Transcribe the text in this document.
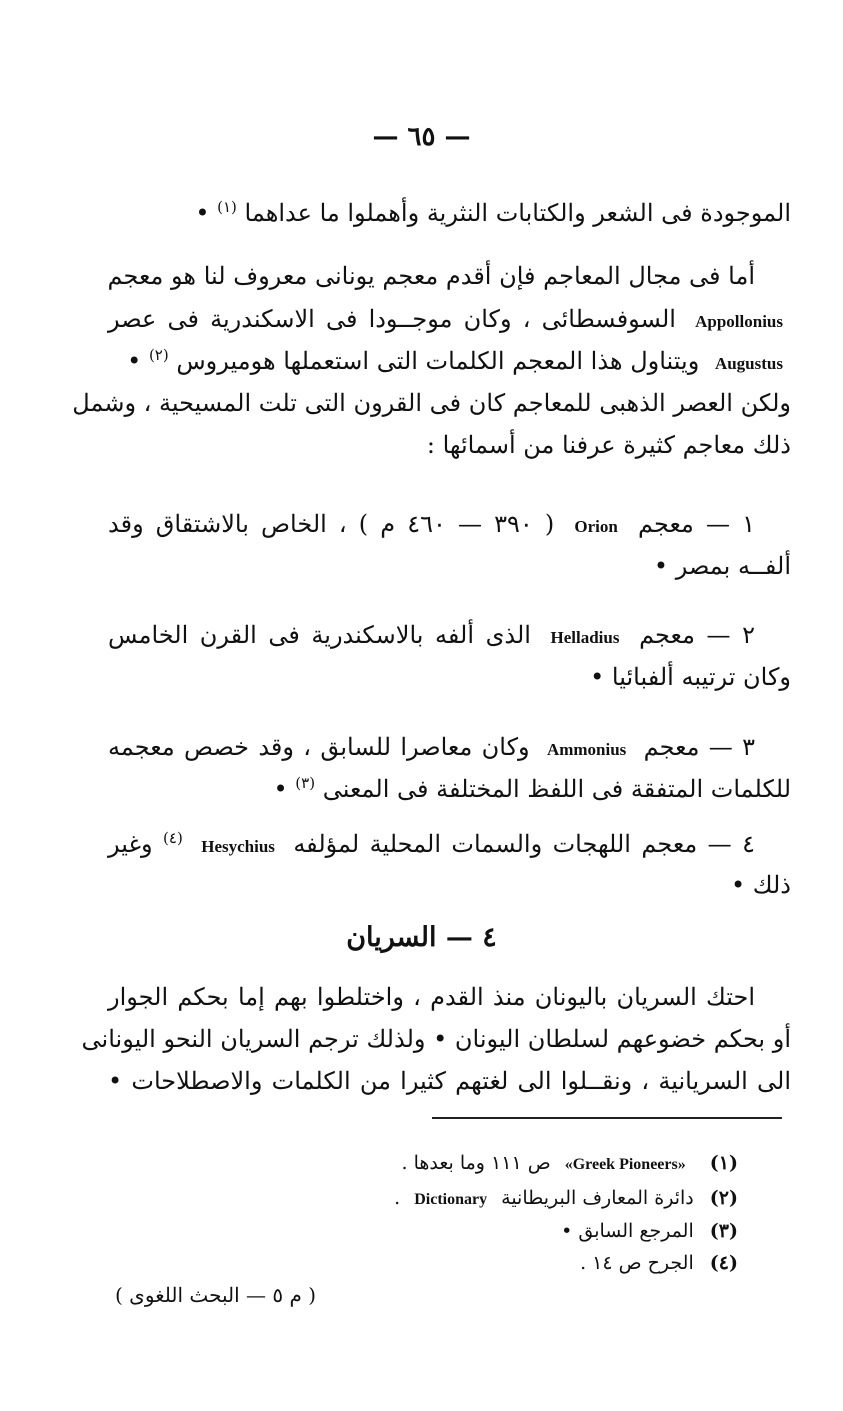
— ٦٥ —
الموجودة فى الشعر والكتابات النثرية وأهملوا ما عداهما $^{(١)}$ •
أما فى مجال المعاجم فإن أقدم معجم يونانى معروف لنا هو معجم
Appollonius السوفسطائى ، وكان موجــودا فى الاسكندرية فى عصر
Augustus ويتناول هذا المعجم الكلمات التى استعملها هوميروس $^{(٢)}$ •
ولكن العصر الذهبى للمعاجم كان فى القرون التى تلت المسيحية ، وشمل
ذلك معاجم كثيرة عرفنا من أسمائها :
١ — معجم Orion ( ٣٩٠ — ٤٦٠ م ) ، الخاص بالاشتقاق وقد
ألفــه بمصر •
٢ — معجم Helladius الذى ألفه بالاسكندرية فى القرن الخامس
وكان ترتيبه ألفبائيا •
٣ — معجم Ammonius وكان معاصرا للسابق ، وقد خصص معجمه
للكلمات المتفقة فى اللفظ المختلفة فى المعنى $^{(٣)}$ •
٤ — معجم اللهجات والسمات المحلية لمؤلفه Hesychius $^{(٤)}$ وغير
ذلك •
٤ — السريان
احتك السريان باليونان منذ القدم ، واختلطوا بهم إما بحكم الجوار
أو بحكم خضوعهم لسلطان اليونان • ولذلك ترجم السريان النحو اليونانى
الى السريانية ، ونقــلوا الى لغتهم كثيرا من الكلمات والاصطلاحات •
(١) «Greek Pioneers» ص ١١١ وما بعدها .
(٢) دائرة المعارف البريطانية Dictionary .
(٣) المرجع السابق •
(٤) الجرح ص ١٤ .
( م ٥ — البحث اللغوى )
